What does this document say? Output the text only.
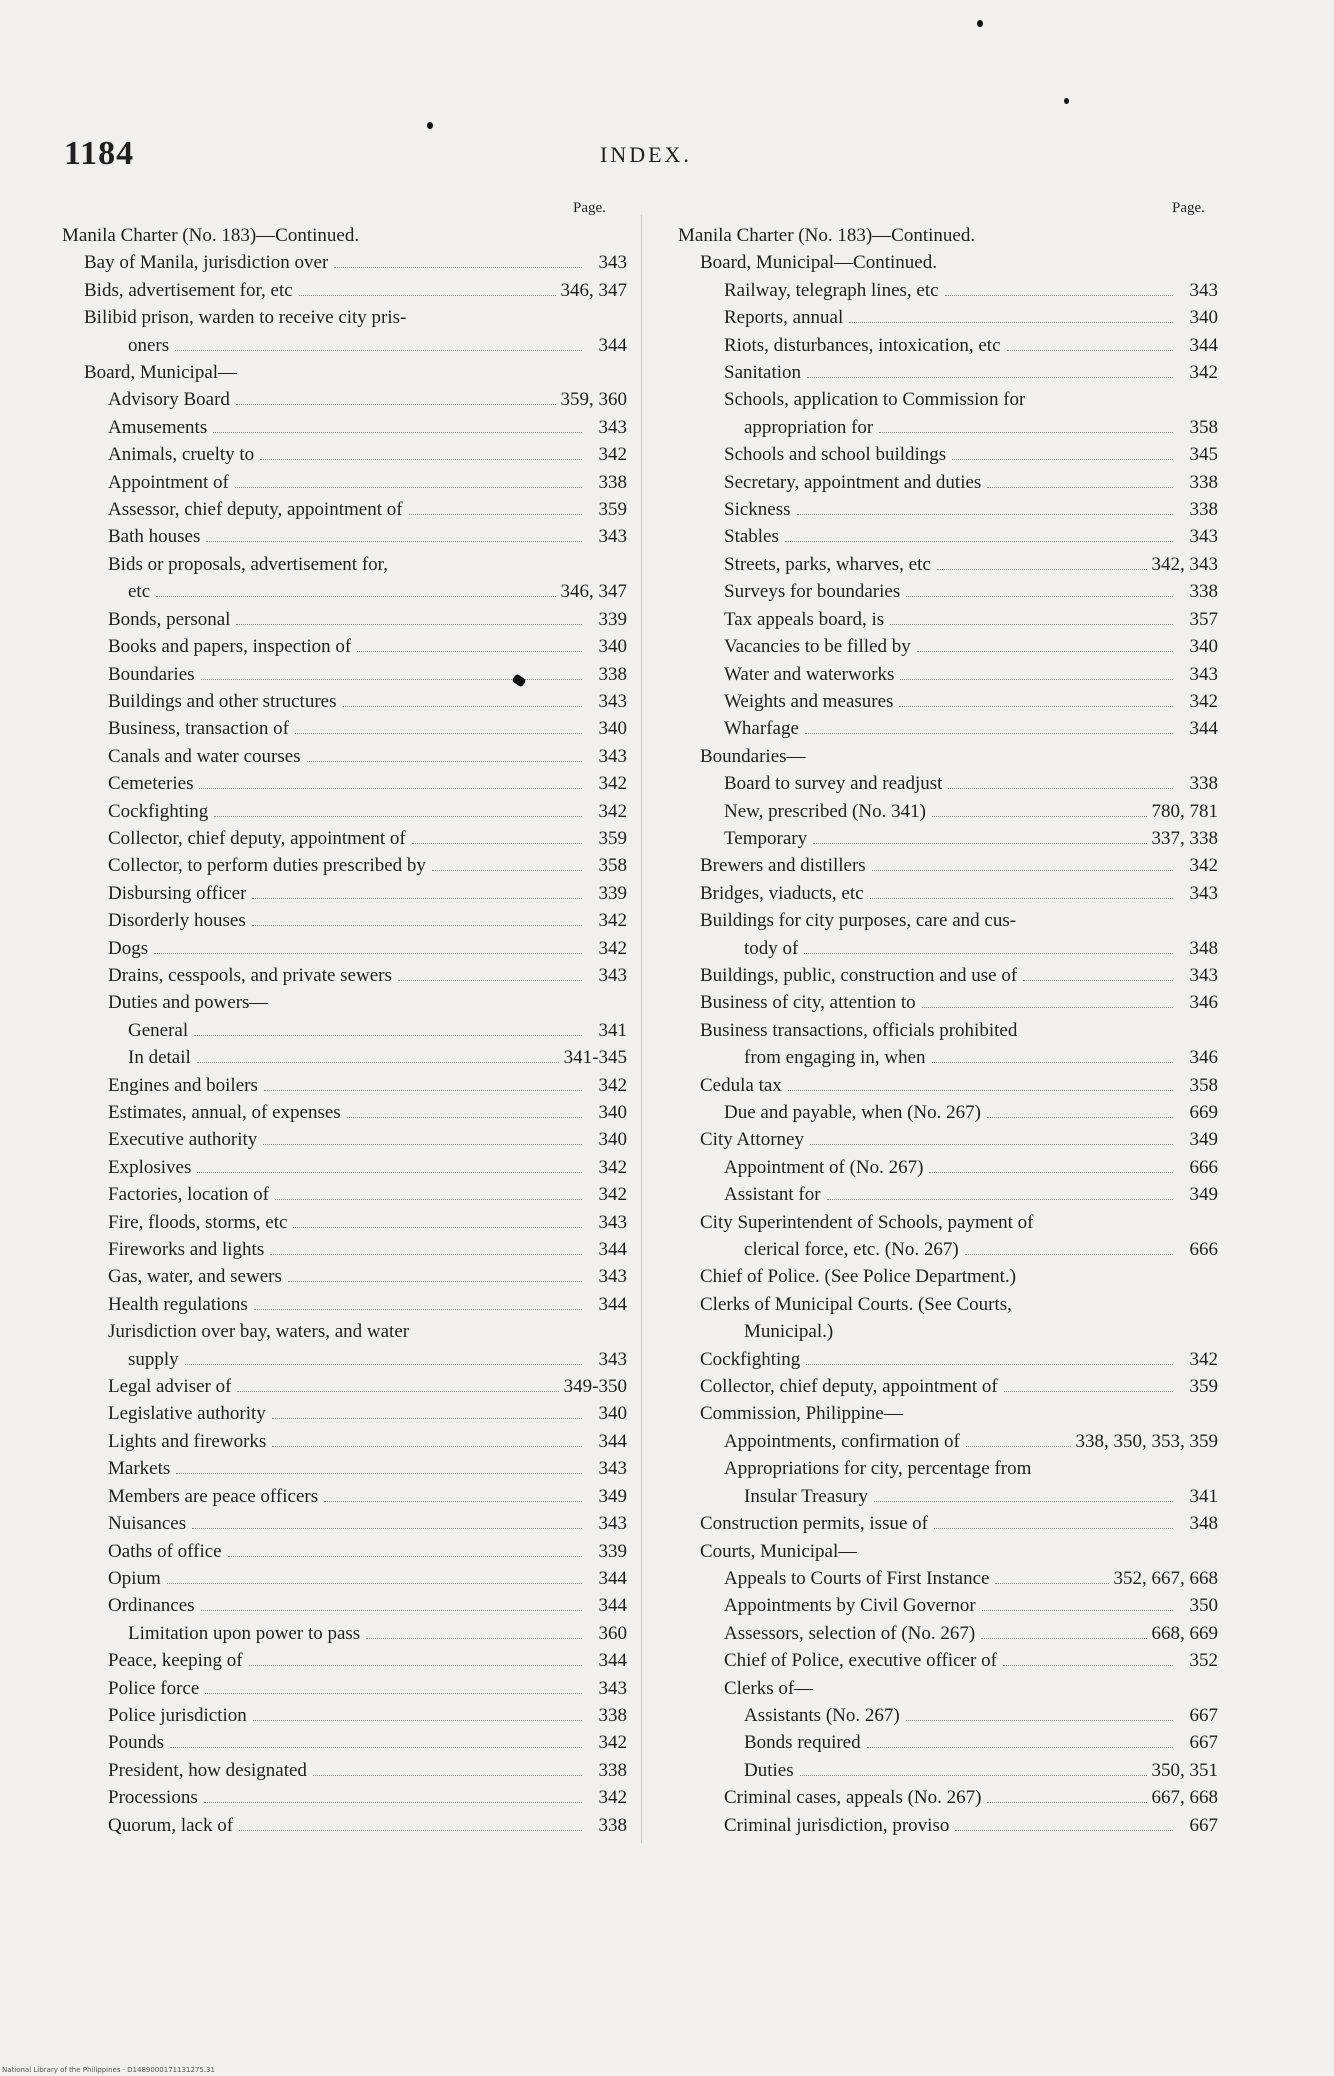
1184	INDEX.
Page.	Page.
Manila Charter (No. 183)—Continued.
Bay of Manila, jurisdiction over	343
Bids, advertisement for, etc	346, 347
Bilibid prison, warden to receive city pris-
oners	344
Board, Municipal—
Advisory Board	359, 360
Amusements	343
Animals, cruelty to	342
Appointment of	338
Assessor, chief deputy, appointment of	359
Bath houses	343
Bids or proposals, advertisement for,
etc	346, 347
Bonds, personal	339
Books and papers, inspection of	340
Boundaries	338
Buildings and other structures	343
Business, transaction of	340
Canals and water courses	343
Cemeteries	342
Cockfighting	342
Collector, chief deputy, appointment of	359
Collector, to perform duties prescribed by	358
Disbursing officer	339
Disorderly houses	342
Dogs	342
Drains, cesspools, and private sewers	343
Duties and powers—
General	341
In detail	341-345
Engines and boilers	342
Estimates, annual, of expenses	340
Executive authority	340
Explosives	342
Factories, location of	342
Fire, floods, storms, etc	343
Fireworks and lights	344
Gas, water, and sewers	343
Health regulations	344
Jurisdiction over bay, waters, and water
supply	343
Legal adviser of	349-350
Legislative authority	340
Lights and fireworks	344
Markets	343
Members are peace officers	349
Nuisances	343
Oaths of office	339
Opium	344
Ordinances	344
Limitation upon power to pass	360
Peace, keeping of	344
Police force	343
Police jurisdiction	338
Pounds	342
President, how designated	338
Processions	342
Quorum, lack of	338
Manila Charter (No. 183)—Continued.
Board, Municipal—Continued.
Railway, telegraph lines, etc	343
Reports, annual	340
Riots, disturbances, intoxication, etc	344
Sanitation	342
Schools, application to Commission for
appropriation for	358
Schools and school buildings	345
Secretary, appointment and duties	338
Sickness	338
Stables	343
Streets, parks, wharves, etc	342, 343
Surveys for boundaries	338
Tax appeals board, is	357
Vacancies to be filled by	340
Water and waterworks	343
Weights and measures	342
Wharfage	344
Boundaries—
Board to survey and readjust	338
New, prescribed (No. 341)	780, 781
Temporary	337, 338
Brewers and distillers	342
Bridges, viaducts, etc	343
Buildings for city purposes, care and cus-
tody of	348
Buildings, public, construction and use of	343
Business of city, attention to	346
Business transactions, officials prohibited
from engaging in, when	346
Cedula tax	358
Due and payable, when (No. 267)	669
City Attorney	349
Appointment of (No. 267)	666
Assistant for	349
City Superintendent of Schools, payment of
clerical force, etc. (No. 267)	666
Chief of Police. (See Police Department.)
Clerks of Municipal Courts. (See Courts,
Municipal.)
Cockfighting	342
Collector, chief deputy, appointment of	359
Commission, Philippine—
Appointments, confirmation of	338, 350, 353, 359
Appropriations for city, percentage from
Insular Treasury	341
Construction permits, issue of	348
Courts, Municipal—
Appeals to Courts of First Instance	352, 667, 668
Appointments by Civil Governor	350
Assessors, selection of (No. 267)	668, 669
Chief of Police, executive officer of	352
Clerks of—
Assistants (No. 267)	667
Bonds required	667
Duties	350, 351
Criminal cases, appeals (No. 267)	667, 668
Criminal jurisdiction, proviso	667
National Library of the Philippines · D1489000171131275.31
